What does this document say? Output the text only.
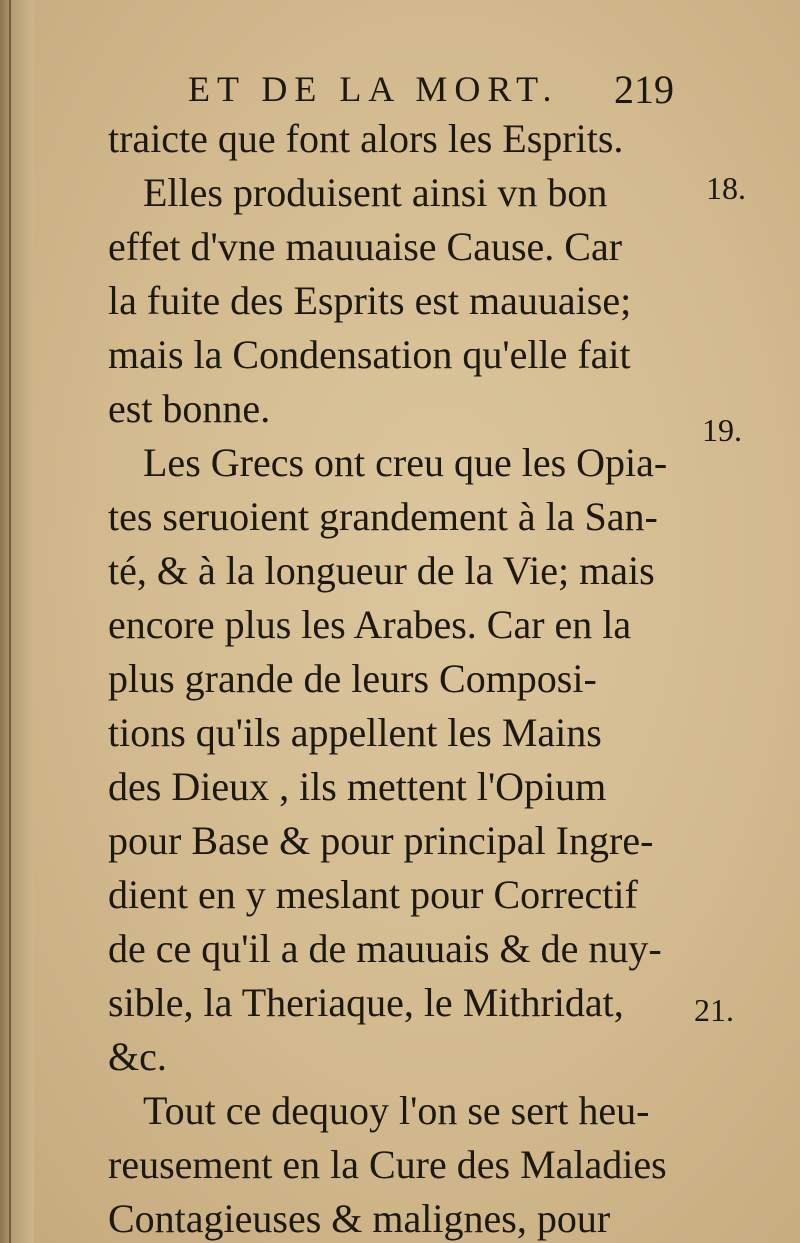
ET DE LA MORT. 219
traicte que font alors les Esprits.
Elles produisent ainsi vn bon
effet d'vne mauuaise Cause. Car
la fuite des Esprits est mauuaise;
mais la Condensation qu'elle fait
est bonne.
Les Grecs ont creu que les Opia-
tes seruoient grandement à la San-
té, & à la longueur de la Vie; mais
encore plus les Arabes. Car en la
plus grande de leurs Composi-
tions qu'ils appellent les Mains
des Dieux , ils mettent l'Opium
pour Base & pour principal Ingre-
dient en y meslant pour Correctif
de ce qu'il a de mauuais & de nuy-
sible, la Theriaque, le Mithridat,
&c.
Tout ce dequoy l'on se sert heu-
reusement en la Cure des Maladies
Contagieuses & malignes, pour
18.
19.
21.
